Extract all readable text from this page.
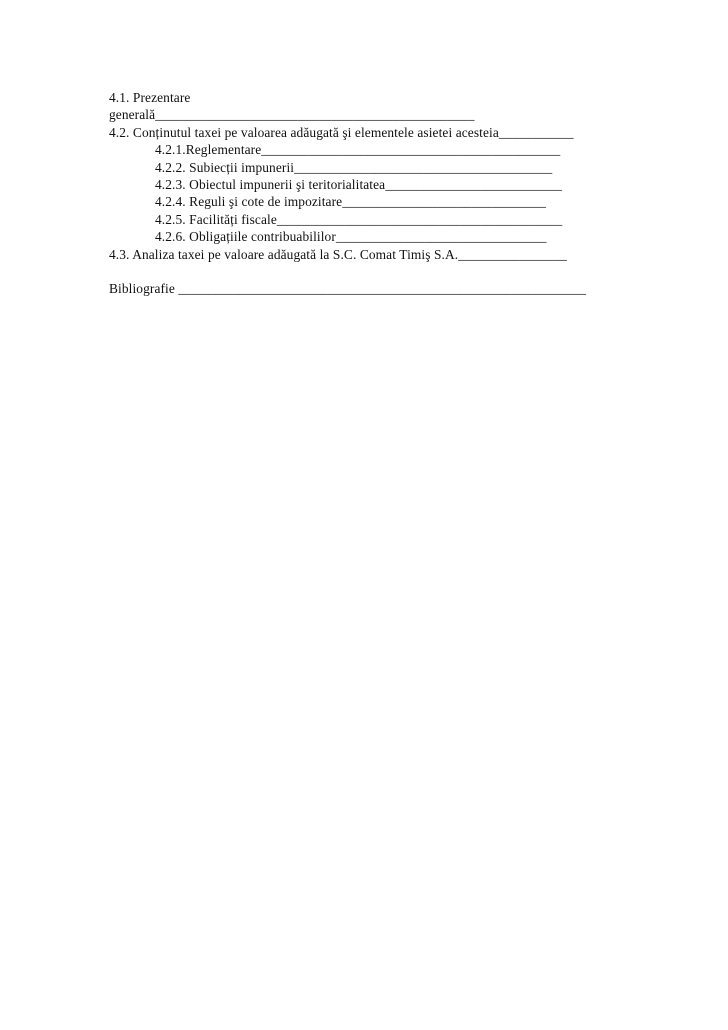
4.1. Prezentare
generală_______________________________________________
4.2. Conținutul taxei pe valoarea adăugată şi elementele asietei acesteia___________
4.2.1.Reglementare____________________________________________
4.2.2. Subiecții impunerii______________________________________
4.2.3. Obiectul impunerii şi teritorialitatea__________________________
4.2.4. Reguli şi cote de impozitare______________________________
4.2.5. Facilități fiscale__________________________________________
4.2.6. Obligațiile contribuabililor_______________________________
4.3. Analiza taxei pe valoare adăugată la S.C. Comat Timiş S.A.________________
Bibliografie ____________________________________________________________
